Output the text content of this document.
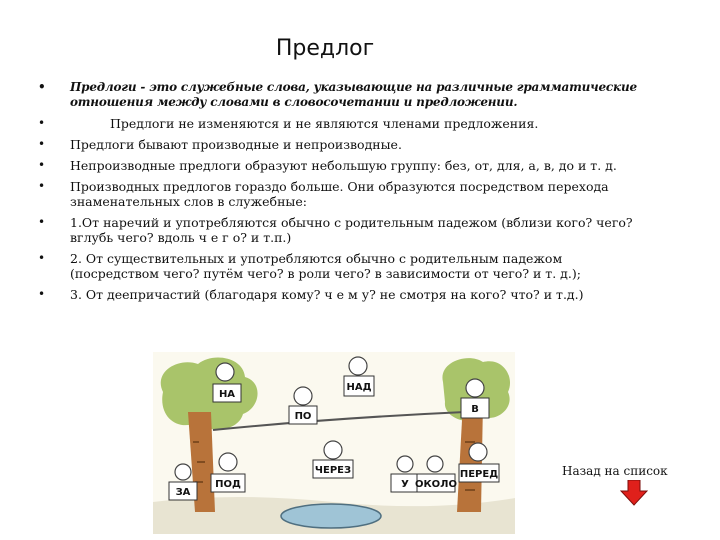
Предлог
• Предлоги - это служебные слова, указывающие на различные грамматические отношения между словами в словосочетании и предложении.
• Предлоги не изменяются и не являются членами предложения.
• Предлоги бывают производные и непроизводные.
• Непроизводные предлоги образуют небольшую группу: без, от, для, а, в, до и т. д.
• Производных предлогов гораздо больше. Они образуются посредством перехода знаменательных слов в служебные:
• 1.От наречий и употребляются обычно с родительным падежом (вблизи кого? чего? вглубь чего? вдоль ч е г о? и т.п.)
• 2. От существительных и употребляются обычно с родительным падежом (посредством чего? путём чего? в роли чего? в зависимости от чего? и т. д.);
• 3. От деепричастий (благодаря кому? ч е м у? не смотря на кого? что? и т.д.)
НА
ПО
НАД
В
ЧЕРЕЗ
ЗА
ПОД	У ОКОЛО
ПЕРЕД	Назад на список
